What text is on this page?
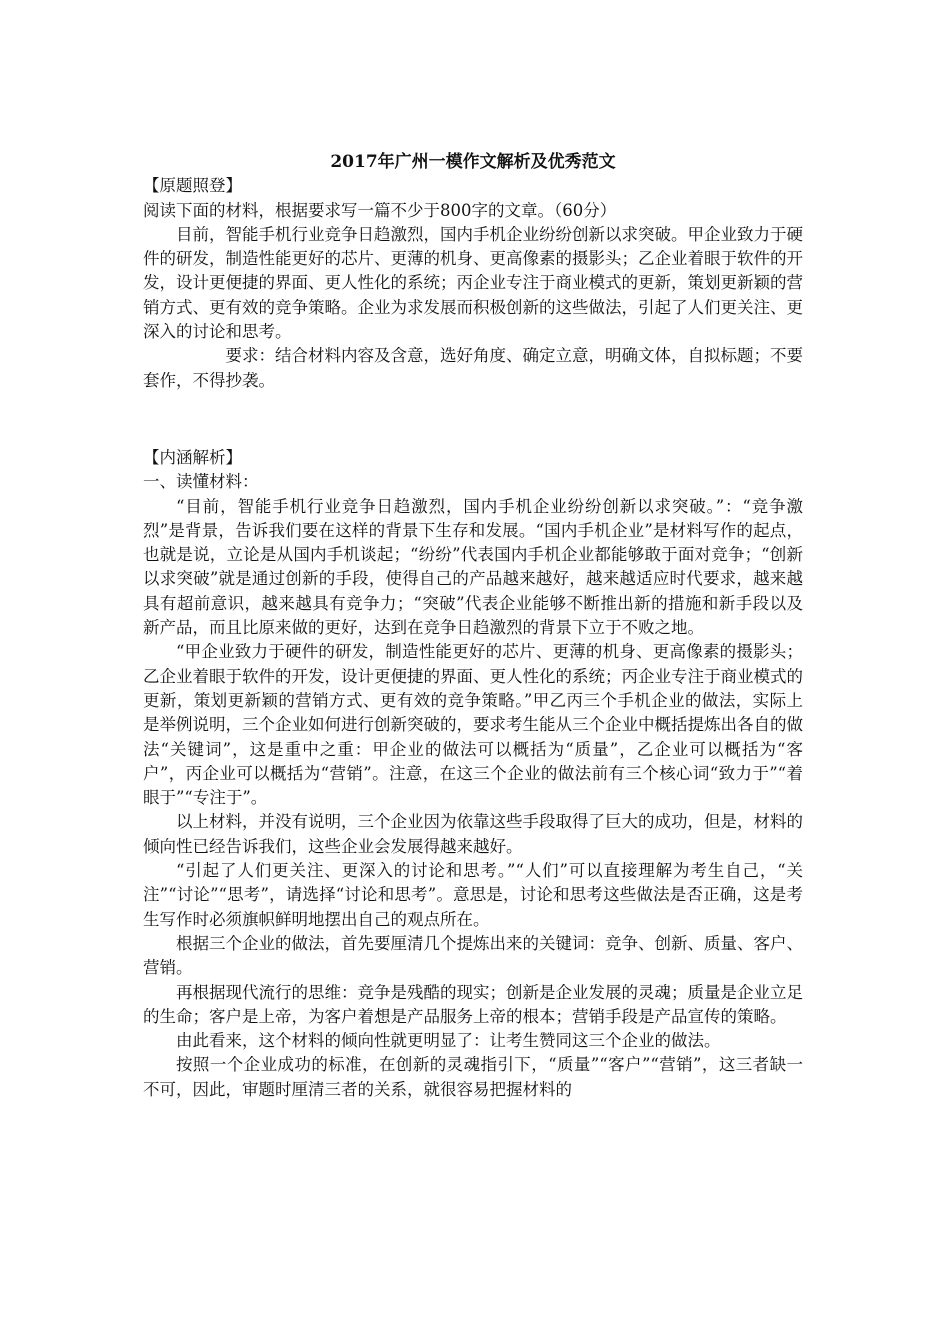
2017年广州一模作文解析及优秀范文

【原题照登】

阅读下面的材料，根据要求写一篇不少于800字的文章。（60分）

目前，智能手机行业竞争日趋激烈，国内手机企业纷纷创新以求突破。甲企业致力于硬件的研发，制造性能更好的芯片、更薄的机身、更高像素的摄影头；乙企业着眼于软件的开发，设计更便捷的界面、更人性化的系统；丙企业专注于商业模式的更新，策划更新颖的营销方式、更有效的竞争策略。企业为求发展而积极创新的这些做法，引起了人们更关注、更深入的讨论和思考。

要求：结合材料内容及含意，选好角度、确定立意，明确文体，自拟标题；不要套作，不得抄袭。

【内涵解析】

一、读懂材料：

“目前，智能手机行业竞争日趋激烈，国内手机企业纷纷创新以求突破。”：“竞争激烈”是背景，告诉我们要在这样的背景下生存和发展。“国内手机企业”是材料写作的起点，也就是说，立论是从国内手机谈起；“纷纷”代表国内手机企业都能够敢于面对竞争；“创新以求突破”就是通过创新的手段，使得自己的产品越来越好，越来越适应时代要求，越来越具有超前意识，越来越具有竞争力；“突破”代表企业能够不断推出新的措施和新手段以及新产品，而且比原来做的更好，达到在竞争日趋激烈的背景下立于不败之地。

“甲企业致力于硬件的研发，制造性能更好的芯片、更薄的机身、更高像素的摄影头；乙企业着眼于软件的开发，设计更便捷的界面、更人性化的系统；丙企业专注于商业模式的更新，策划更新颖的营销方式、更有效的竞争策略。”甲乙丙三个手机企业的做法，实际上是举例说明，三个企业如何进行创新突破的，要求考生能从三个企业中概括提炼出各自的做法“关键词”，这是重中之重：甲企业的做法可以概括为“质量”，乙企业可以概括为“客户”，丙企业可以概括为“营销”。注意，在这三个企业的做法前有三个核心词“致力于”“着眼于”“专注于”。

以上材料，并没有说明，三个企业因为依靠这些手段取得了巨大的成功，但是，材料的倾向性已经告诉我们，这些企业会发展得越来越好。

“引起了人们更关注、更深入的讨论和思考。”“人们”可以直接理解为考生自己，“关注”“讨论”“思考”，请选择“讨论和思考”。意思是，讨论和思考这些做法是否正确，这是考生写作时必须旗帜鲜明地摆出自己的观点所在。

根据三个企业的做法，首先要厘清几个提炼出来的关键词：竞争、创新、质量、客户、营销。

再根据现代流行的思维：竞争是残酷的现实；创新是企业发展的灵魂；质量是企业立足的生命；客户是上帝，为客户着想是产品服务上帝的根本；营销手段是产品宣传的策略。

由此看来，这个材料的倾向性就更明显了：让考生赞同这三个企业的做法。

按照一个企业成功的标准，在创新的灵魂指引下，“质量”“客户”“营销”，这三者缺一不可，因此，审题时厘清三者的关系，就很容易把握材料的
